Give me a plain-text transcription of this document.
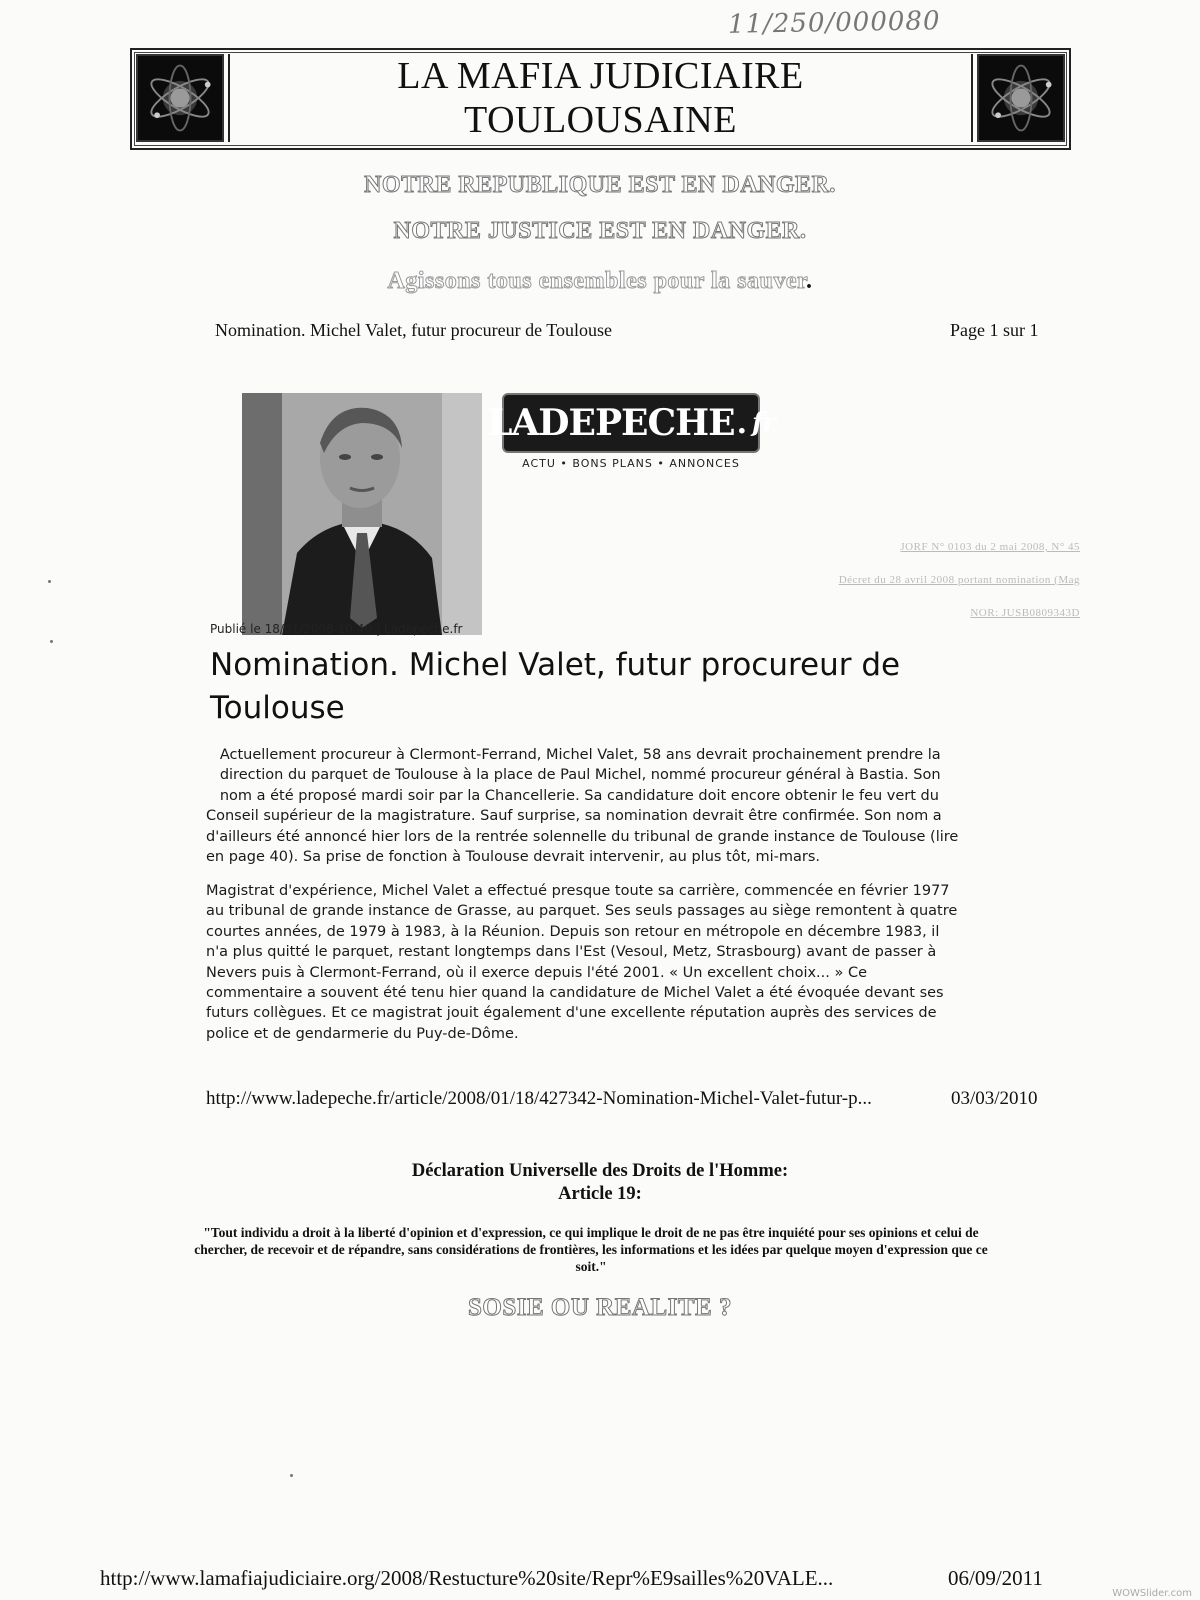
11/250/000080
LA MAFIA JUDICIAIRE
TOULOUSAINE
NOTRE REPUBLIQUE EST EN DANGER.
NOTRE JUSTICE EST EN DANGER.
Agissons tous ensembles pour la sauver.
Nomination. Michel Valet, futur procureur de Toulouse	Page 1 sur 1
LADEPECHE . fr
ACTU • BONS PLANS • ANNONCES
JORF N° 0103 du 2 mai 2008, N° 45
Décret du 28 avril 2008 portant nomination (Mag
NOR: JUSB0809343D
Publié le 18/01/2008 10:40 | Ladepeche.fr
Nomination. Michel Valet, futur procureur de
Toulouse
Actuellement procureur à Clermont-Ferrand, Michel Valet, 58 ans devrait prochainement prendre la
direction du parquet de Toulouse à la place de Paul Michel, nommé procureur général à Bastia. Son
nom a été proposé mardi soir par la Chancellerie. Sa candidature doit encore obtenir le feu vert du
Conseil supérieur de la magistrature. Sauf surprise, sa nomination devrait être confirmée. Son nom a
d'ailleurs été annoncé hier lors de la rentrée solennelle du tribunal de grande instance de Toulouse (lire
en page 40). Sa prise de fonction à Toulouse devrait intervenir, au plus tôt, mi-mars.
Magistrat d'expérience, Michel Valet a effectué presque toute sa carrière, commencée en février 1977
au tribunal de grande instance de Grasse, au parquet. Ses seuls passages au siège remontent à quatre
courtes années, de 1979 à 1983, à la Réunion. Depuis son retour en métropole en décembre 1983, il
n'a plus quitté le parquet, restant longtemps dans l'Est (Vesoul, Metz, Strasbourg) avant de passer à
Nevers puis à Clermont-Ferrand, où il exerce depuis l'été 2001. « Un excellent choix... » Ce
commentaire a souvent été tenu hier quand la candidature de Michel Valet a été évoquée devant ses
futurs collègues. Et ce magistrat jouit également d'une excellente réputation auprès des services de
police et de gendarmerie du Puy-de-Dôme.
http://www.ladepeche.fr/article/2008/01/18/427342-Nomination-Michel-Valet-futur-p...	03/03/2010
Déclaration Universelle des Droits de l'Homme:
Article 19:
"Tout individu a droit à la liberté d'opinion et d'expression, ce qui implique le droit de ne pas être inquiété pour ses opinions et celui de
chercher, de recevoir et de répandre, sans considérations de frontières, les informations et les idées par quelque moyen d'expression que ce
soit."
SOSIE OU REALITE ?
http://www.lamafiajudiciaire.org/2008/Restucture%20site/Repr%E9sailles%20VALE...	06/09/2011
WOWSlider.com
